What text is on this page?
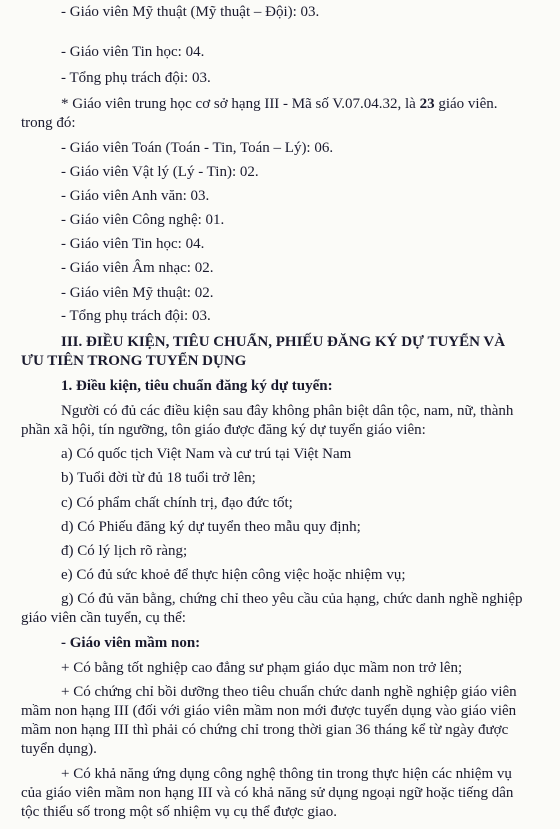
- Giáo viên Mỹ thuật (Mỹ thuật – Đội): 03.
- Giáo viên Tin học: 04.
- Tổng phụ trách đội: 03.
* Giáo viên trung học cơ sở hạng III - Mã số V.07.04.32, là 23 giáo viên.
trong đó:
- Giáo viên Toán (Toán - Tin, Toán – Lý): 06.
- Giáo viên Vật lý (Lý - Tin): 02.
- Giáo viên Anh văn: 03.
- Giáo viên Công nghệ: 01.
- Giáo viên Tin học: 04.
- Giáo viên Âm nhạc: 02.
- Giáo viên Mỹ thuật: 02.
- Tổng phụ trách đội: 03.
III. ĐIỀU KIỆN, TIÊU CHUẨN, PHIẾU ĐĂNG KÝ DỰ TUYỂN VÀ
ƯU TIÊN TRONG TUYỂN DỤNG
1. Điều kiện, tiêu chuẩn đăng ký dự tuyển:
Người có đủ các điều kiện sau đây không phân biệt dân tộc, nam, nữ, thành
phần xã hội, tín ngưỡng, tôn giáo được đăng ký dự tuyển giáo viên:
a) Có quốc tịch Việt Nam và cư trú tại Việt Nam
b) Tuổi đời từ đủ 18 tuổi trở lên;
c) Có phẩm chất chính trị, đạo đức tốt;
d) Có Phiếu đăng ký dự tuyển theo mẫu quy định;
đ) Có lý lịch rõ ràng;
e) Có đủ sức khoẻ để thực hiện công việc hoặc nhiệm vụ;
g) Có đủ văn bằng, chứng chỉ theo yêu cầu của hạng, chức danh nghề nghiệp
giáo viên cần tuyển, cụ thể:
- Giáo viên mầm non:
+ Có bằng tốt nghiệp cao đẳng sư phạm giáo dục mầm non trở lên;
+ Có chứng chỉ bồi dưỡng theo tiêu chuẩn chức danh nghề nghiệp giáo viên
mầm non hạng III (đối với giáo viên mầm non mới được tuyển dụng vào giáo viên
mầm non hạng III thì phải có chứng chỉ trong thời gian 36 tháng kể từ ngày được
tuyển dụng).
+ Có khả năng ứng dụng công nghệ thông tin trong thực hiện các nhiệm vụ
của giáo viên mầm non hạng III và có khả năng sử dụng ngoại ngữ hoặc tiếng dân
tộc thiểu số trong một số nhiệm vụ cụ thể được giao.
